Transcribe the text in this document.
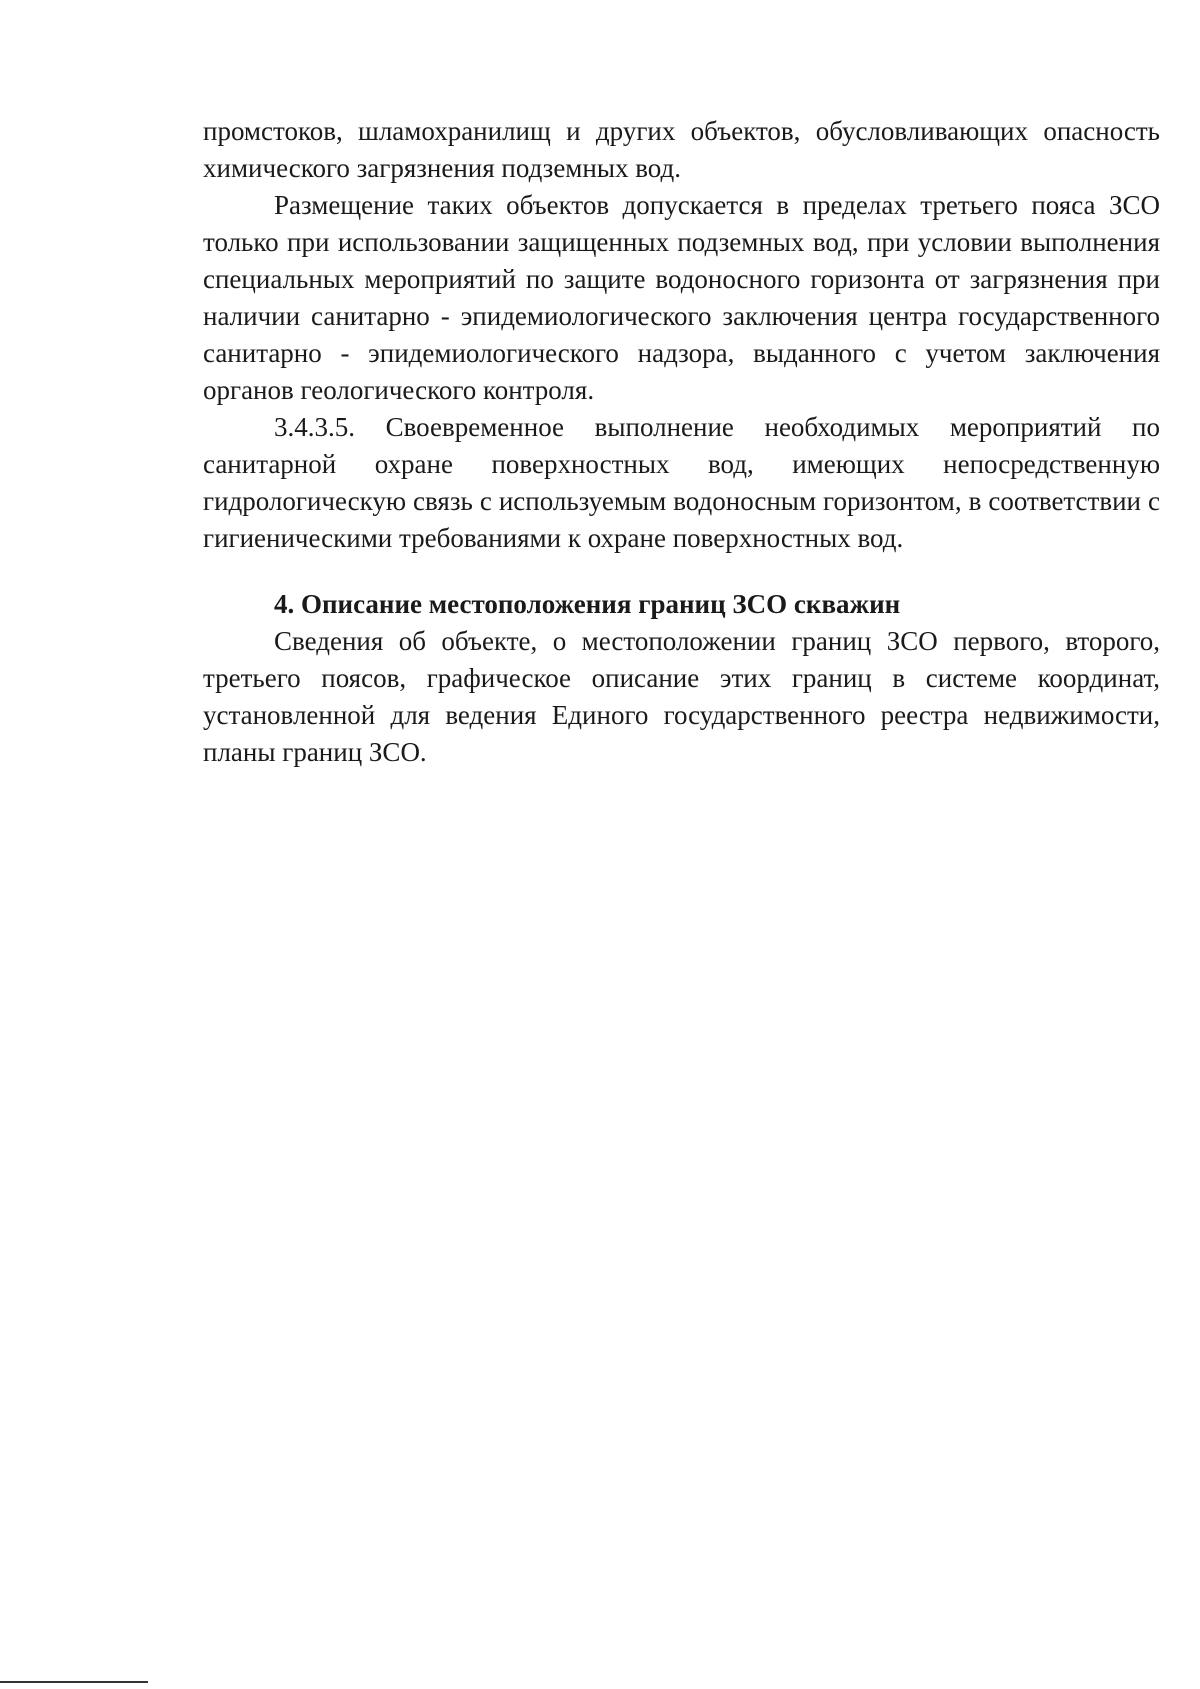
промстоков, шламохранилищ и других объектов, обусловливающих опасность химического загрязнения подземных вод.

Размещение таких объектов допускается в пределах третьего пояса ЗСО только при использовании защищенных подземных вод, при условии выполнения специальных мероприятий по защите водоносного горизонта от загрязнения при наличии санитарно - эпидемиологического заключения центра государственного санитарно - эпидемиологического надзора, выданного с учетом заключения органов геологического контроля.

3.4.3.5. Своевременное выполнение необходимых мероприятий по санитарной охране поверхностных вод, имеющих непосредственную гидрологическую связь с используемым водоносным горизонтом, в соответствии с гигиеническими требованиями к охране поверхностных вод.

4. Описание местоположения границ ЗСО скважин

Сведения об объекте, о местоположении границ ЗСО первого, второго, третьего поясов, графическое описание этих границ в системе координат, установленной для ведения Единого государственного реестра недвижимости, планы границ ЗСО.
